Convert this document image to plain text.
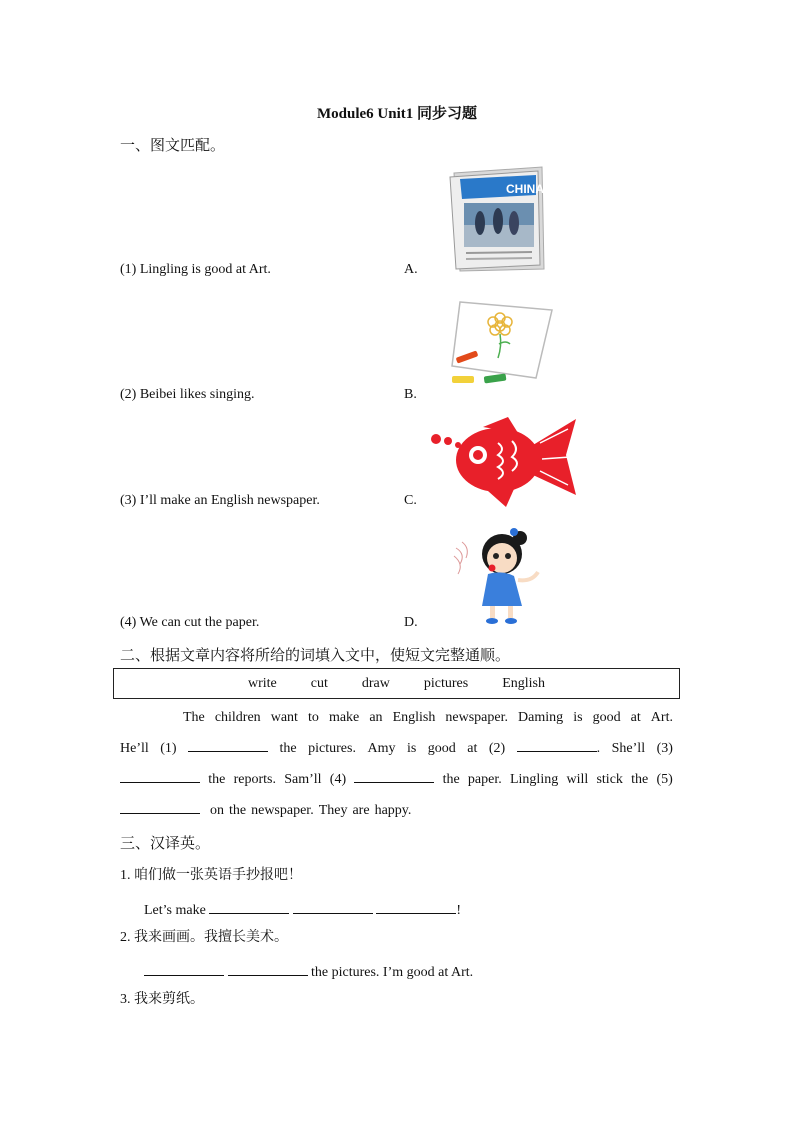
Module6 Unit1 同步习题
一、图文匹配。
(1) Lingling is good at Art.	A.
(2) Beibei likes singing.	B.
(3) I’ll make an English newspaper.	C.
(4) We can cut the paper.	D.
CHINA
二、根据文章内容将所给的词填入文中，使短文完整通顺。
write cut draw pictures English
The children want to make an English newspaper. Daming is good at Art.
He’ll (1)	the pictures. Amy is good at (2)	. She’ll (3)
the reports. Sam’ll (4)	the paper. Lingling will stick the (5)
on the newspaper. They are happy.
三、汉译英。
1. 咱们做一张英语手抄报吧！
Let’s make	!
2. 我来画画。我擅长美术。
the pictures. I’m good at Art.
3. 我来剪纸。
